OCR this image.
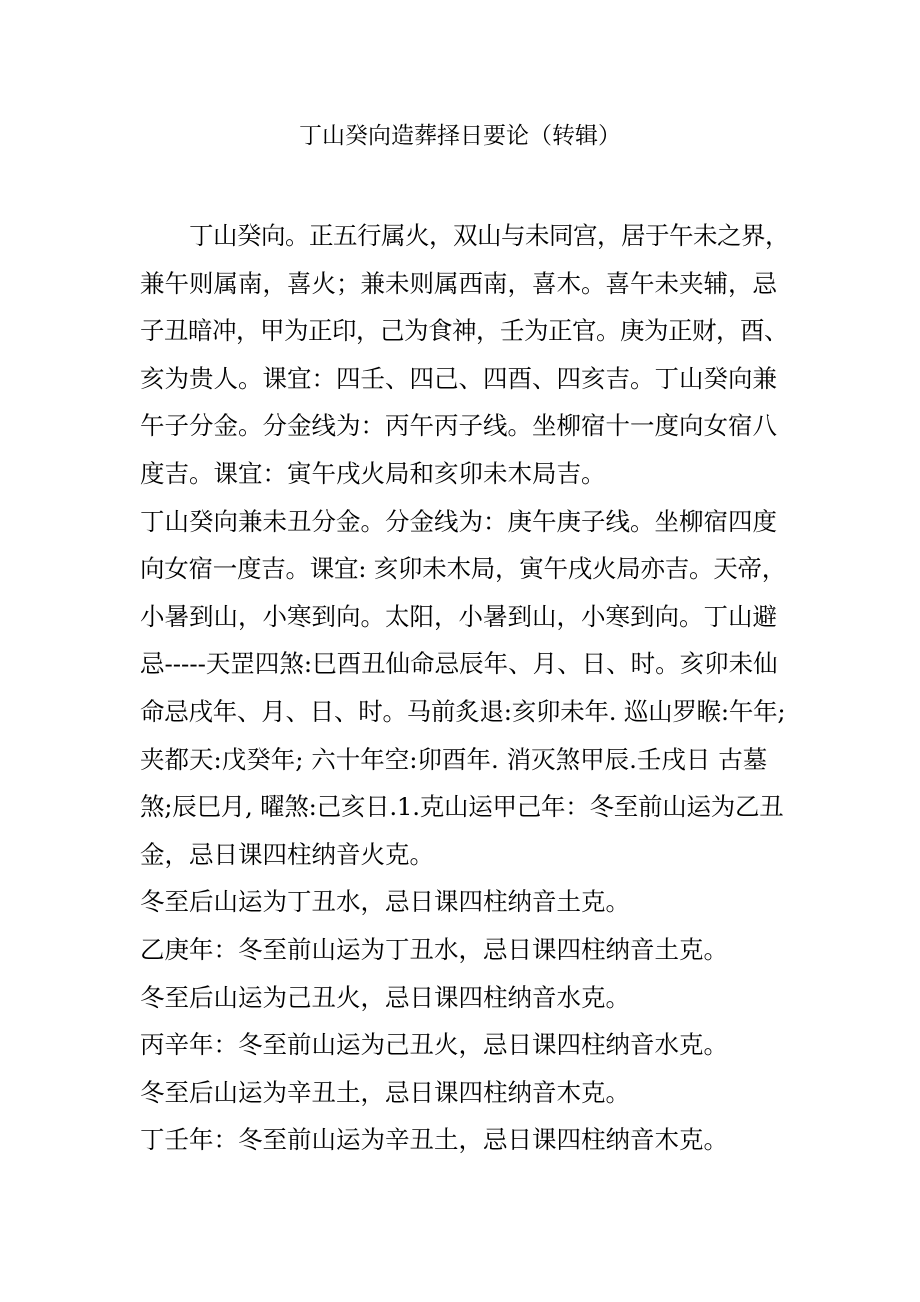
丁山癸向造葬择日要论（转辑）
丁山癸向。正五行属火，双山与未同宫，居于午未之界，
兼午则属南，喜火；兼未则属西南，喜木。喜午未夹辅，忌
子丑暗冲，甲为正印，己为食神，壬为正官。庚为正财，酉、
亥为贵人。课宜：四壬、四己、四酉、四亥吉。丁山癸向兼
午子分金。分金线为：丙午丙子线。坐柳宿十一度向女宿八
度吉。课宜：寅午戌火局和亥卯未木局吉。
丁山癸向兼未丑分金。分金线为：庚午庚子线。坐柳宿四度
向女宿一度吉。课宜: 亥卯未木局，寅午戌火局亦吉。天帝，
小暑到山，小寒到向。太阳，小暑到山，小寒到向。丁山避
忌-----天罡四煞:巳酉丑仙命忌辰年、月、日、时。亥卯未仙
命忌戌年、月、日、时。马前炙退:亥卯未年. 巡山罗睺:午年;
夹都天:戊癸年; 六十年空:卯酉年. 消灭煞甲辰.壬戌日 古墓
煞;辰巳月, 曜煞:己亥日.1.克山运甲己年：冬至前山运为乙丑
金，忌日课四柱纳音火克。
冬至后山运为丁丑水，忌日课四柱纳音土克。
乙庚年：冬至前山运为丁丑水，忌日课四柱纳音土克。
冬至后山运为己丑火，忌日课四柱纳音水克。
丙辛年：冬至前山运为己丑火，忌日课四柱纳音水克。
冬至后山运为辛丑土，忌日课四柱纳音木克。
丁壬年：冬至前山运为辛丑土，忌日课四柱纳音木克。
